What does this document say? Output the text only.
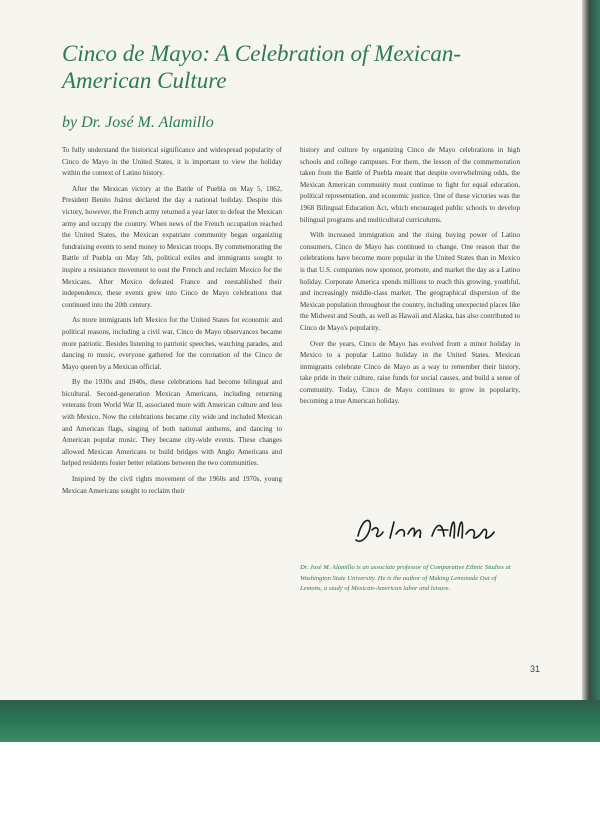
Cinco de Mayo: A Celebration of Mexican-American Culture
by Dr. José M. Alamillo

To fully understand the historical significance and widespread popularity of Cinco de Mayo in the United States, it is important to view the holiday within the context of Latino history.

After the Mexican victory at the Battle of Puebla on May 5, 1862, President Benito Juárez declared the day a national holiday. Despite this victory, however, the French army returned a year later to defeat the Mexican army and occupy the country. When news of the French occupation reached the United States, the Mexican expatriate community began organizing fundraising events to send money to Mexican troops. By commemorating the Battle of Puebla on May 5th, political exiles and immigrants sought to inspire a resistance movement to oust the French and reclaim Mexico for the Mexicans. After Mexico defeated France and reestablished their independence, these events grew into Cinco de Mayo celebrations that continued into the 20th century.

As more immigrants left Mexico for the United States for economic and political reasons, including a civil war, Cinco de Mayo observances became more patriotic. Besides listening to patriotic speeches, watching parades, and dancing to music, everyone gathered for the coronation of the Cinco de Mayo queen by a Mexican official.

By the 1930s and 1940s, these celebrations had become bilingual and bicultural. Second-generation Mexican Americans, including returning veterans from World War II, associated more with American culture and less with Mexico. Now the celebrations became city wide and included Mexican and American flags, singing of both national anthems, and dancing to American popular music. They became city-wide events. These changes allowed Mexican Americans to build bridges with Anglo Americans and helped residents foster better relations between the two communities.

Inspired by the civil rights movement of the 1960s and 1970s, young Mexican Americans sought to reclaim their

history and culture by organizing Cinco de Mayo celebrations in high schools and college campuses. For them, the lesson of the commemoration taken from the Battle of Puebla meant that despite overwhelming odds, the Mexican American community must continue to fight for equal education, political representation, and economic justice. One of these victories was the 1968 Bilingual Education Act, which encouraged public schools to develop bilingual programs and multicultural curriculums.

With increased immigration and the rising buying power of Latino consumers, Cinco de Mayo has continued to change. One reason that the celebrations have become more popular in the United States than in Mexico is that U.S. companies now sponsor, promote, and market the day as a Latino holiday. Corporate America spends millions to reach this growing, youthful, and increasingly middle-class market. The geographical dispersion of the Mexican population throughout the country, including unexpected places like the Midwest and South, as well as Hawaii and Alaska, has also contributed to Cinco de Mayo's popularity.

Over the years, Cinco de Mayo has evolved from a minor holiday in Mexico to a popular Latino holiday in the United States. Mexican immigrants celebrate Cinco de Mayo as a way to remember their history, take pride in their culture, raise funds for social causes, and build a sense of community. Today, Cinco de Mayo continues to grow in popularity, becoming a true American holiday.

Dr. José M. Alamillo is an associate professor of Comparative Ethnic Studies at Washington State University. He is the author of Making Lemonade Out of Lemons, a study of Mexican-American labor and leisure.

31
